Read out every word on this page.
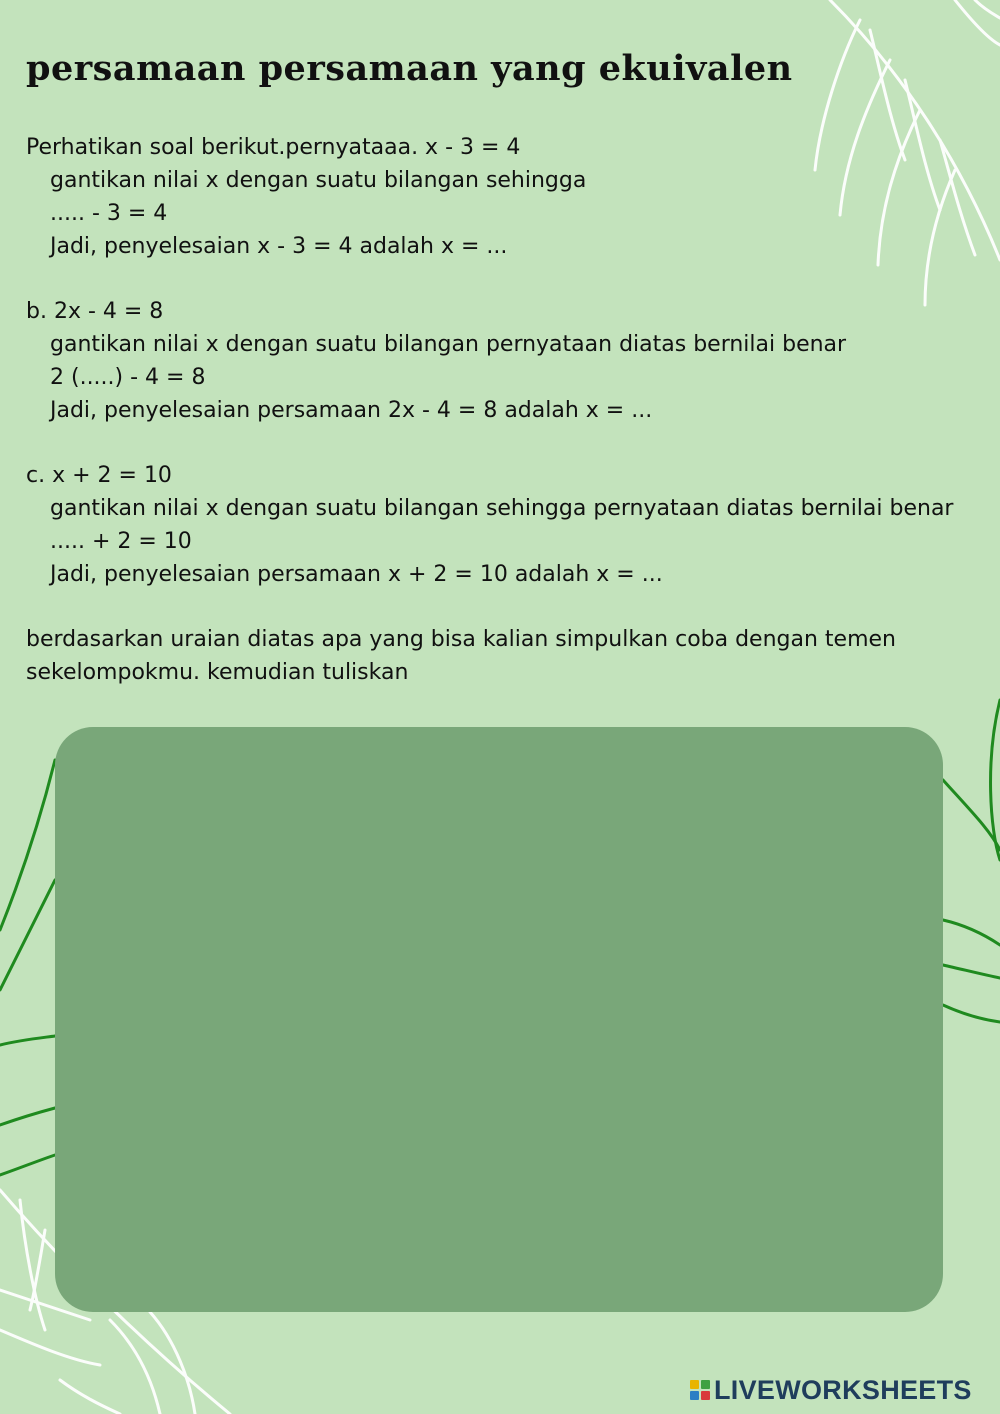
persamaan persamaan yang ekuivalen
Perhatikan soal berikut.pernyataaa. x - 3 = 4
gantikan nilai x dengan suatu bilangan sehingga
..... - 3 = 4
Jadi, penyelesaian x - 3 = 4 adalah x = ...
b. 2x - 4 = 8
gantikan nilai x dengan suatu bilangan pernyataan diatas bernilai benar
2 (.....) - 4 = 8
Jadi, penyelesaian persamaan 2x - 4 = 8 adalah x = ...
c. x + 2 = 10
gantikan nilai x dengan suatu bilangan sehingga pernyataan diatas bernilai benar
..... + 2 = 10
Jadi, penyelesaian persamaan x + 2 = 10 adalah x = ...
berdasarkan uraian diatas apa yang bisa kalian simpulkan coba dengan temen
sekelompokmu. kemudian tuliskan
LIVEWORKSHEETS
